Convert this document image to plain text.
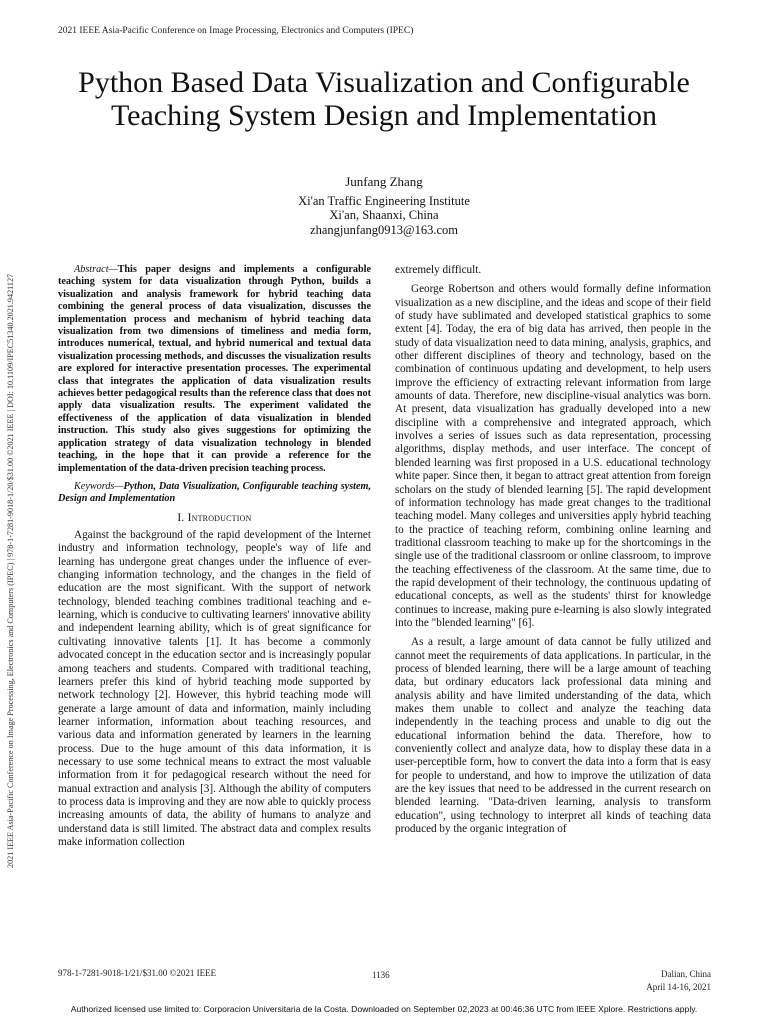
2021 IEEE Asia-Pacific Conference on Image Processing, Electronics and Computers (IPEC)
2021 IEEE Asia-Pacific Conference on Image Processing, Electronics and Computers (IPEC) | 978-1-7281-9018-1/20/$31.00 ©2021 IEEE | DOI: 10.1109/IPEC51340.2021.9421127
Python Based Data Visualization and Configurable
Teaching System Design and Implementation
Junfang Zhang
Xi'an Traffic Engineering Institute
Xi'an, Shaanxi, China
zhangjunfang0913@163.com

Abstract—This paper designs and implements a configurable teaching system for data visualization through Python, builds a visualization and analysis framework for hybrid teaching data combining the general process of data visualization, discusses the implementation process and mechanism of hybrid teaching data visualization from two dimensions of timeliness and media form, introduces numerical, textual, and hybrid numerical and textual data visualization processing methods, and discusses the visualization results are explored for interactive presentation processes. The experimental class that integrates the application of data visualization results achieves better pedagogical results than the reference class that does not apply data visualization results. The experiment validated the effectiveness of the application of data visualization in blended instruction. This study also gives suggestions for optimizing the application strategy of data visualization technology in blended teaching, in the hope that it can provide a reference for the implementation of the data-driven precision teaching process.

Keywords—Python, Data Visualization, Configurable teaching system, Design and Implementation

I. Introduction

Against the background of the rapid development of the Internet industry and information technology, people's way of life and learning has undergone great changes under the influence of ever-changing information technology, and the changes in the field of education are the most significant. With the support of network technology, blended teaching combines traditional teaching and e-learning, which is conducive to cultivating learners' innovative ability and independent learning ability, which is of great significance for cultivating innovative talents [1]. It has become a commonly advocated concept in the education sector and is increasingly popular among teachers and students. Compared with traditional teaching, learners prefer this kind of hybrid teaching mode supported by network technology [2]. However, this hybrid teaching mode will generate a large amount of data and information, mainly including learner information, information about teaching resources, and various data and information generated by learners in the learning process. Due to the huge amount of this data information, it is necessary to use some technical means to extract the most valuable information from it for pedagogical research without the need for manual extraction and analysis [3]. Although the ability of computers to process data is improving and they are now able to quickly process increasing amounts of data, the ability of humans to analyze and understand data is still limited. The abstract data and complex results make information collection

extremely difficult.

George Robertson and others would formally define information visualization as a new discipline, and the ideas and scope of their field of study have sublimated and developed statistical graphics to some extent [4]. Today, the era of big data has arrived, then people in the study of data visualization need to data mining, analysis, graphics, and other different disciplines of theory and technology, based on the combination of continuous updating and development, to help users improve the efficiency of extracting relevant information from large amounts of data. Therefore, new discipline-visual analytics was born. At present, data visualization has gradually developed into a new discipline with a comprehensive and integrated approach, which involves a series of issues such as data representation, processing algorithms, display methods, and user interface. The concept of blended learning was first proposed in a U.S. educational technology white paper. Since then, it began to attract great attention from foreign scholars on the study of blended learning [5]. The rapid development of information technology has made great changes to the traditional teaching model. Many colleges and universities apply hybrid teaching to the practice of teaching reform, combining online learning and traditional classroom teaching to make up for the shortcomings in the single use of the traditional classroom or online classroom, to improve the teaching effectiveness of the classroom. At the same time, due to the rapid development of their technology, the continuous updating of educational concepts, as well as the students' thirst for knowledge continues to increase, making pure e-learning is also slowly integrated into the "blended learning" [6].

As a result, a large amount of data cannot be fully utilized and cannot meet the requirements of data applications. In particular, in the process of blended learning, there will be a large amount of teaching data, but ordinary educators lack professional data mining and analysis ability and have limited understanding of the data, which makes them unable to collect and analyze the teaching data independently in the teaching process and unable to dig out the educational information behind the data. Therefore, how to conveniently collect and analyze data, how to display these data in a user-perceptible form, how to convert the data into a form that is easy for people to understand, and how to improve the utilization of data are the key issues that need to be addressed in the current research on blended learning. "Data-driven learning, analysis to transform education", using technology to interpret all kinds of teaching data produced by the organic integration of

978-1-7281-9018-1/21/$31.00 ©2021 IEEE	1136	Dalian, China
April 14-16, 2021
Authorized licensed use limited to: Corporacion Universitaria de la Costa. Downloaded on September 02,2023 at 00:46:36 UTC from IEEE Xplore. Restrictions apply.
